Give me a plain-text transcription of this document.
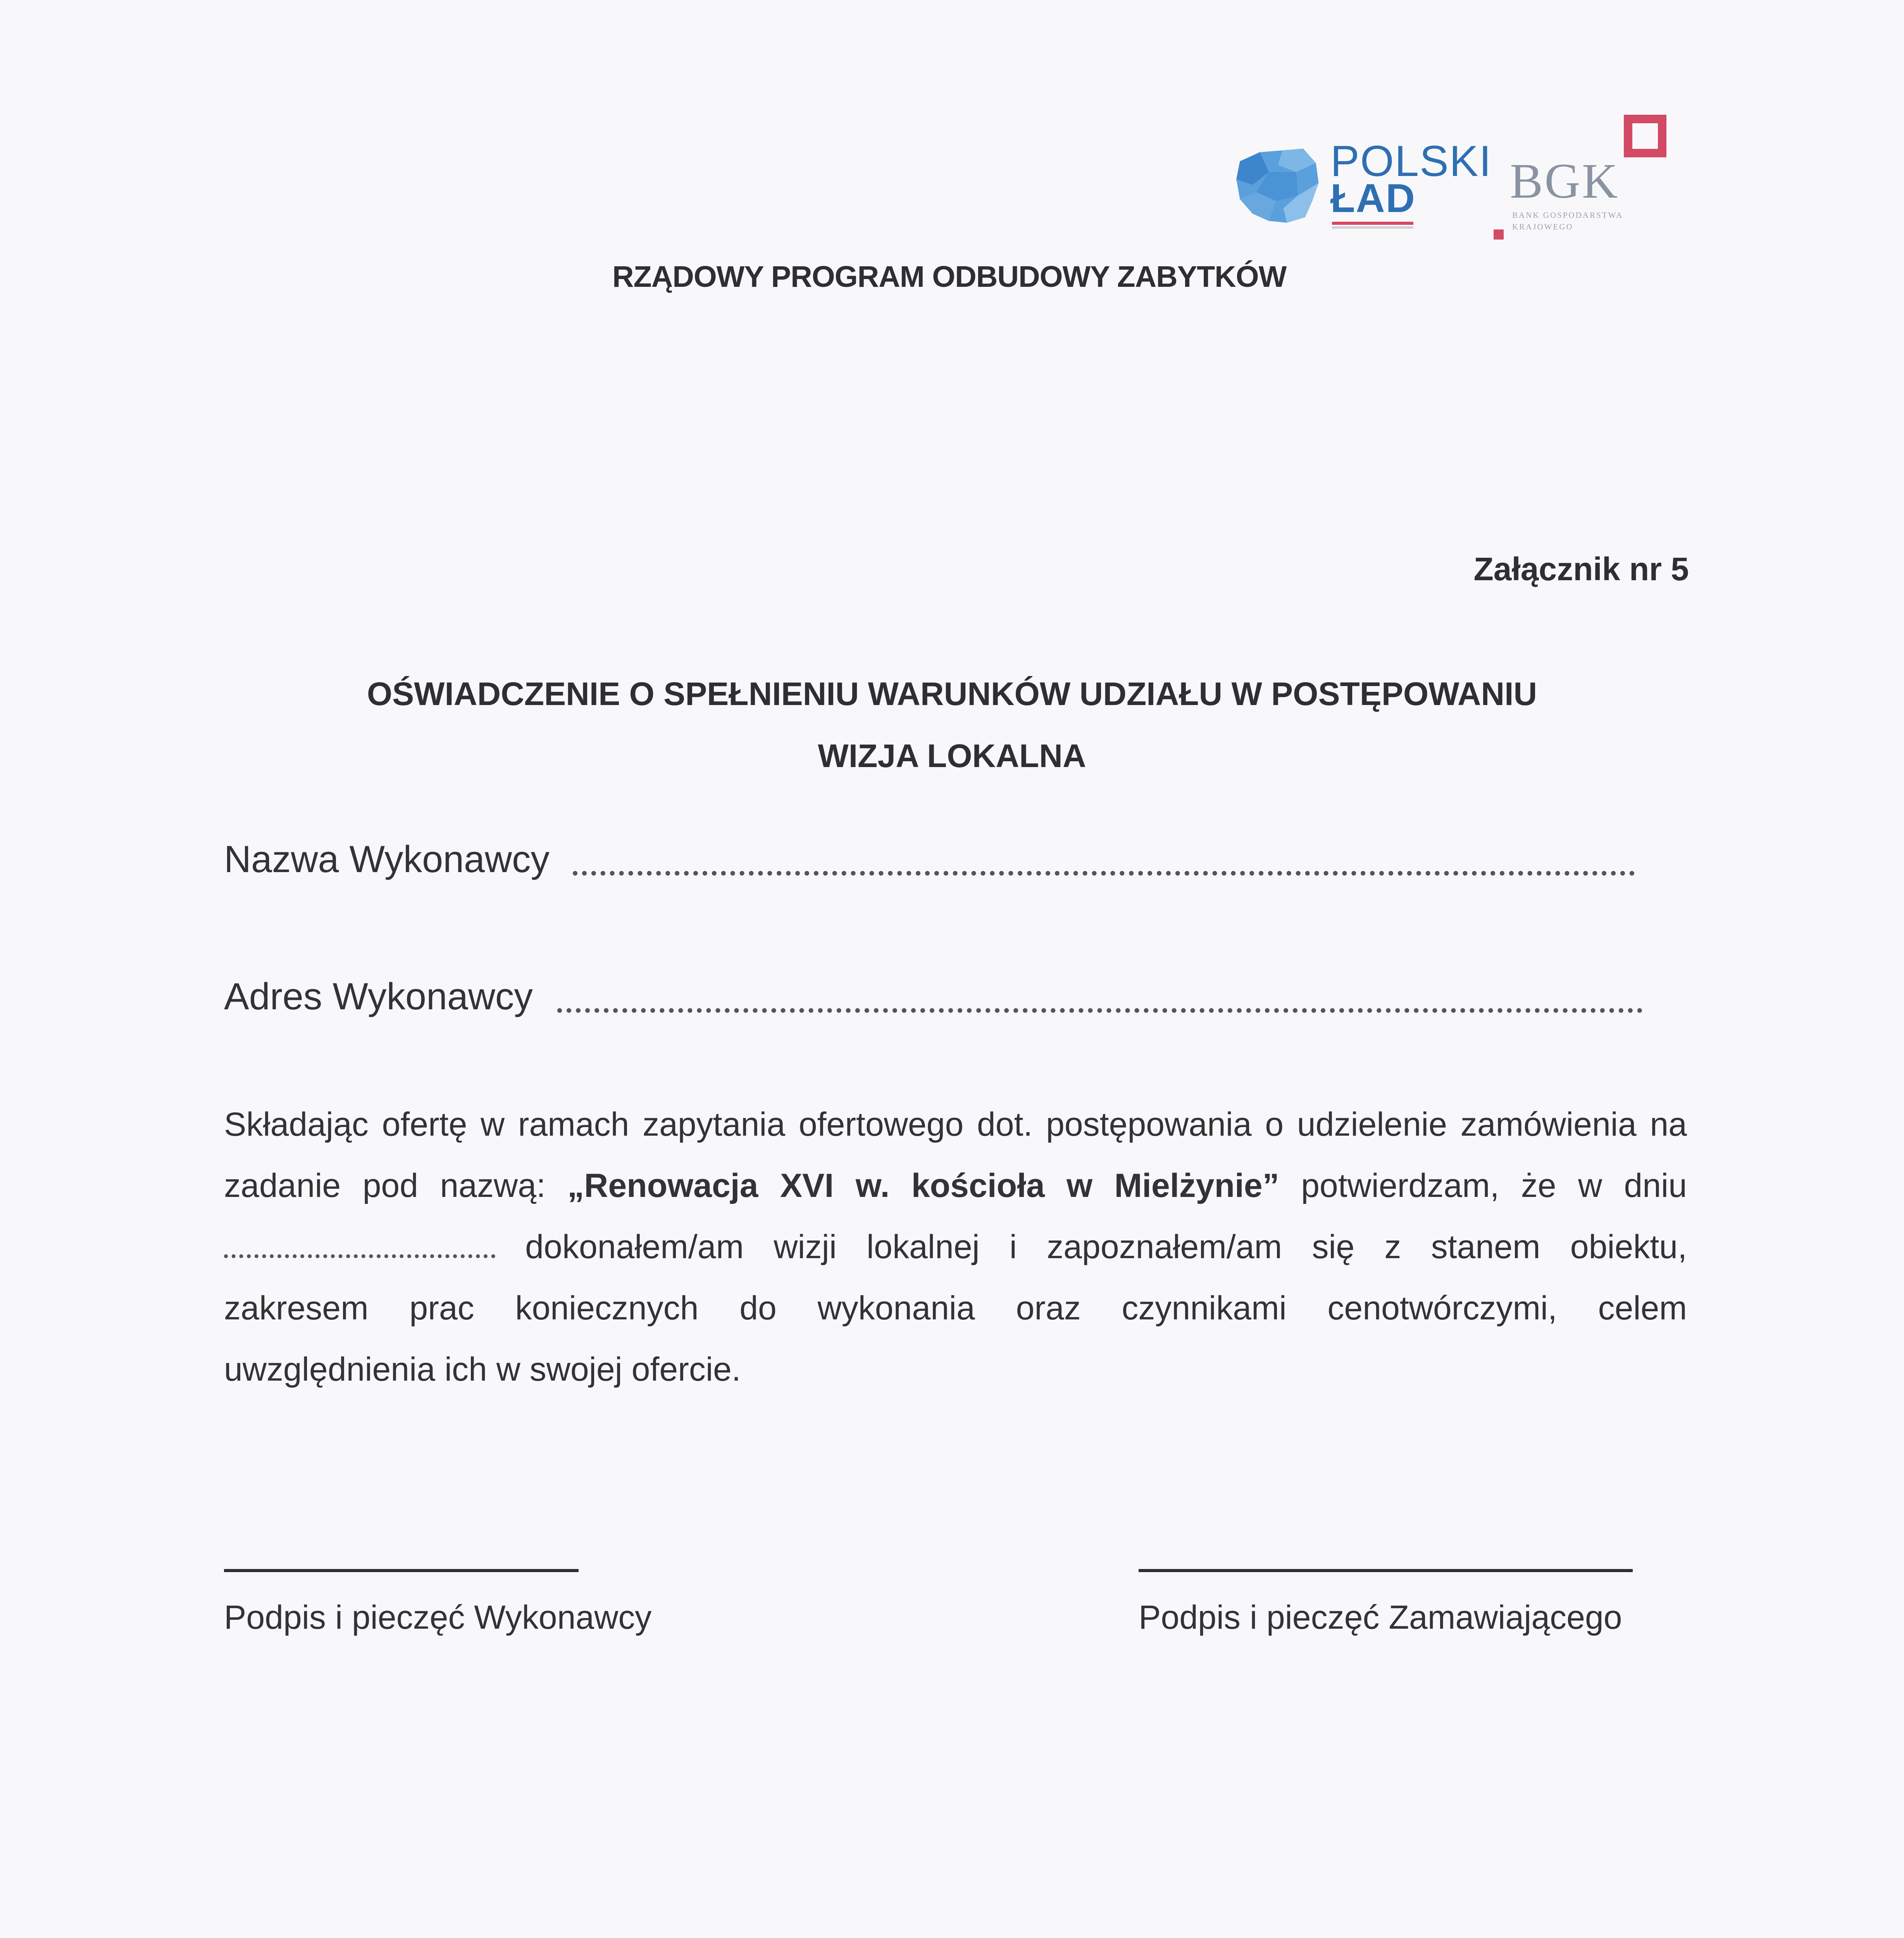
POLSKI
ŁAD BGK
BANK GOSPODARSTWA
KRAJOWEGO
RZĄDOWY PROGRAM ODBUDOWY ZABYTKÓW
Załącznik nr 5
OŚWIADCZENIE O SPEŁNIENIU WARUNKÓW UDZIAŁU W POSTĘPOWANIU
WIZJA LOKALNA
Nazwa Wykonawcy
Adres Wykonawcy
Składając ofertę w ramach zapytania ofertowego dot. postępowania o udzielenie zamówienia na
zadanie pod nazwą: „Renowacja XVI w. kościoła w Mielżynie” potwierdzam, że w dniu
dokonałem/am wizji lokalnej i zapoznałem/am się z stanem obiektu,
zakresem prac koniecznych do wykonania oraz czynnikami cenotwórczymi, celem
uwzględnienia ich w swojej ofercie.
Podpis i pieczęć Wykonawcy	Podpis i pieczęć Zamawiającego
